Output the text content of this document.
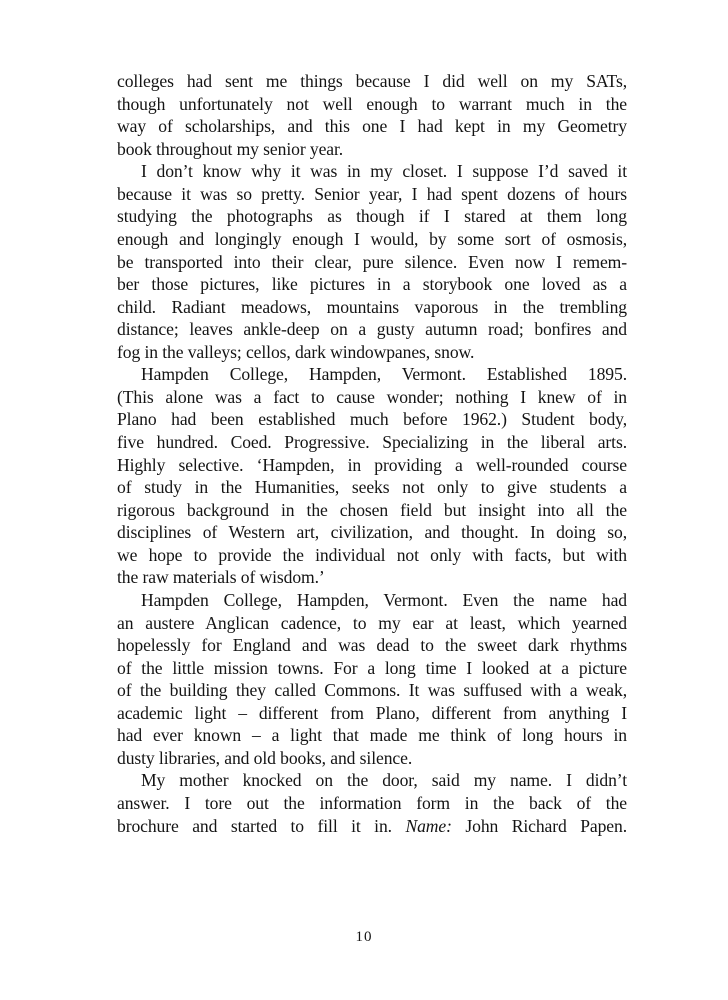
colleges had sent me things because I did well on my SATs,
though unfortunately not well enough to warrant much in the
way of scholarships, and this one I had kept in my Geometry
book throughout my senior year.
I don’t know why it was in my closet. I suppose I’d saved it
because it was so pretty. Senior year, I had spent dozens of hours
studying the photographs as though if I stared at them long
enough and longingly enough I would, by some sort of osmosis,
be transported into their clear, pure silence. Even now I remem-
ber those pictures, like pictures in a storybook one loved as a
child. Radiant meadows, mountains vaporous in the trembling
distance; leaves ankle-deep on a gusty autumn road; bonfires and
fog in the valleys; cellos, dark windowpanes, snow.
Hampden College, Hampden, Vermont. Established 1895.
(This alone was a fact to cause wonder; nothing I knew of in
Plano had been established much before 1962.) Student body,
five hundred. Coed. Progressive. Specializing in the liberal arts.
Highly selective. ‘Hampden, in providing a well-rounded course
of study in the Humanities, seeks not only to give students a
rigorous background in the chosen field but insight into all the
disciplines of Western art, civilization, and thought. In doing so,
we hope to provide the individual not only with facts, but with
the raw materials of wisdom.’
Hampden College, Hampden, Vermont. Even the name had
an austere Anglican cadence, to my ear at least, which yearned
hopelessly for England and was dead to the sweet dark rhythms
of the little mission towns. For a long time I looked at a picture
of the building they called Commons. It was suffused with a weak,
academic light – different from Plano, different from anything I
had ever known – a light that made me think of long hours in
dusty libraries, and old books, and silence.
My mother knocked on the door, said my name. I didn’t
answer. I tore out the information form in the back of the
brochure and started to fill it in. Name: John Richard Papen.
10
